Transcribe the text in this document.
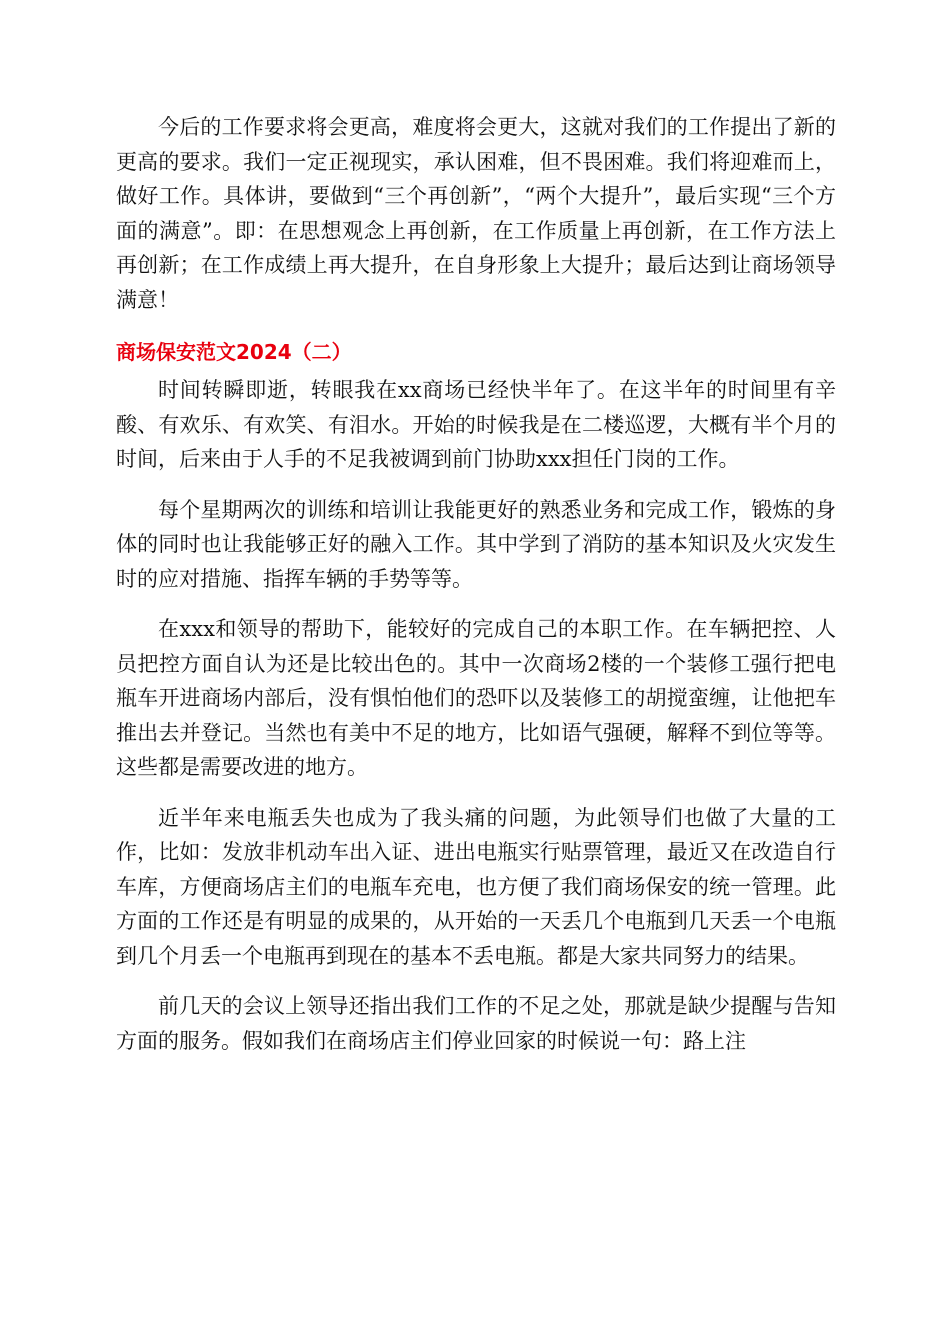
今后的工作要求将会更高，难度将会更大，这就对我们的工作提出了新的更高的要求。我们一定正视现实，承认困难，但不畏困难。我们将迎难而上，做好工作。具体讲，要做到“三个再创新”，“两个大提升”，最后实现“三个方面的满意”。即：在思想观念上再创新，在工作质量上再创新，在工作方法上再创新；在工作成绩上再大提升，在自身形象上大提升；最后达到让商场领导满意！

商场保安范文2024（二）

时间转瞬即逝，转眼我在xx商场已经快半年了。在这半年的时间里有辛酸、有欢乐、有欢笑、有泪水。开始的时候我是在二楼巡逻，大概有半个月的时间，后来由于人手的不足我被调到前门协助xxx担任门岗的工作。

每个星期两次的训练和培训让我能更好的熟悉业务和完成工作，锻炼的身体的同时也让我能够正好的融入工作。其中学到了消防的基本知识及火灾发生时的应对措施、指挥车辆的手势等等。

在xxx和领导的帮助下，能较好的完成自己的本职工作。在车辆把控、人员把控方面自认为还是比较出色的。其中一次商场2楼的一个装修工强行把电瓶车开进商场内部后，没有惧怕他们的恐吓以及装修工的胡搅蛮缠，让他把车推出去并登记。当然也有美中不足的地方，比如语气强硬，解释不到位等等。这些都是需要改进的地方。

近半年来电瓶丢失也成为了我头痛的问题，为此领导们也做了大量的工作，比如：发放非机动车出入证、进出电瓶实行贴票管理，最近又在改造自行车库，方便商场店主们的电瓶车充电，也方便了我们商场保安的统一管理。此方面的工作还是有明显的成果的，从开始的一天丢几个电瓶到几天丢一个电瓶到几个月丢一个电瓶再到现在的基本不丢电瓶。都是大家共同努力的结果。

前几天的会议上领导还指出我们工作的不足之处，那就是缺少提醒与告知方面的服务。假如我们在商场店主们停业回家的时候说一句：路上注
